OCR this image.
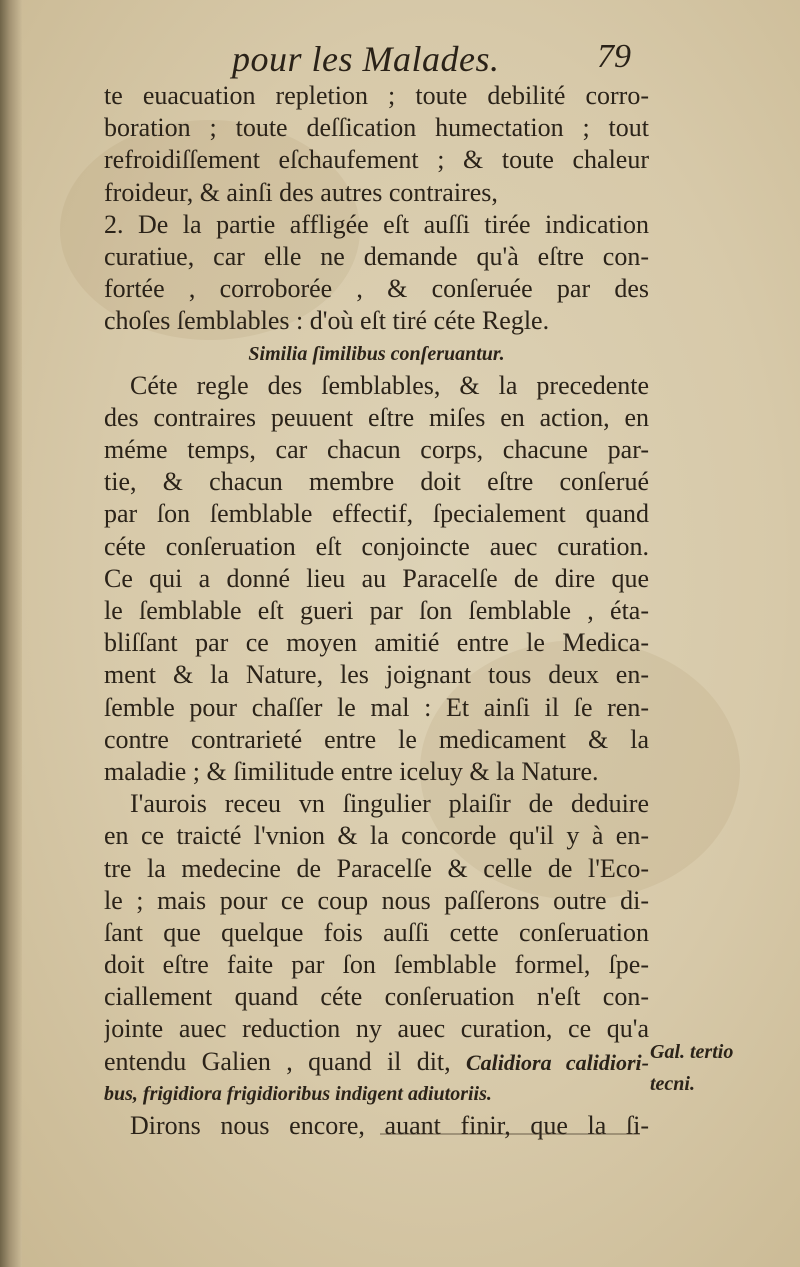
pour les Malades.	79
te euacuation repletion ; toute debilité corro-
boration ; toute deſſication humectation ; tout
refroidiſſement eſchaufement ; & toute chaleur
froideur, & ainſi des autres contraires,
2. De la partie affligée eſt auſſi tirée indication
curatiue, car elle ne demande qu'à eſtre con-
fortée , corroborée , & conſeruée par des
choſes ſemblables : d'où eſt tiré céte Regle.
Similia ſimilibus conſeruantur.
Céte regle des ſemblables, & la precedente
des contraires peuuent eſtre miſes en action, en
méme temps, car chacun corps, chacune par-
tie, & chacun membre doit eſtre conſerué
par ſon ſemblable effectif, ſpecialement quand
céte conſeruation eſt conjoincte auec curation.
Ce qui a donné lieu au Paracelſe de dire que
le ſemblable eſt gueri par ſon ſemblable , éta-
bliſſant par ce moyen amitié entre le Medica-
ment & la Nature, les joignant tous deux en-
ſemble pour chaſſer le mal : Et ainſi il ſe ren-
contre contrarieté entre le medicament & la
maladie ; & ſimilitude entre iceluy & la Nature.
I'aurois receu vn ſingulier plaiſir de deduire
en ce traicté l'vnion & la concorde qu'il y à en-
tre la medecine de Paracelſe & celle de l'Eco-
le ; mais pour ce coup nous paſſerons outre di-
ſant que quelque fois auſſi cette conſeruation
doit eſtre faite par ſon ſemblable formel, ſpe-
ciallement quand céte conſeruation n'eſt con-
jointe auec reduction ny auec curation, ce qu'a
entendu Galien , quand il dit, Calidiora calidiori-
bus, frigidiora frigidioribus indigent adiutoriis.
Dirons nous encore, auant finir, que la ſi-
Gal. tertio
tecni.
